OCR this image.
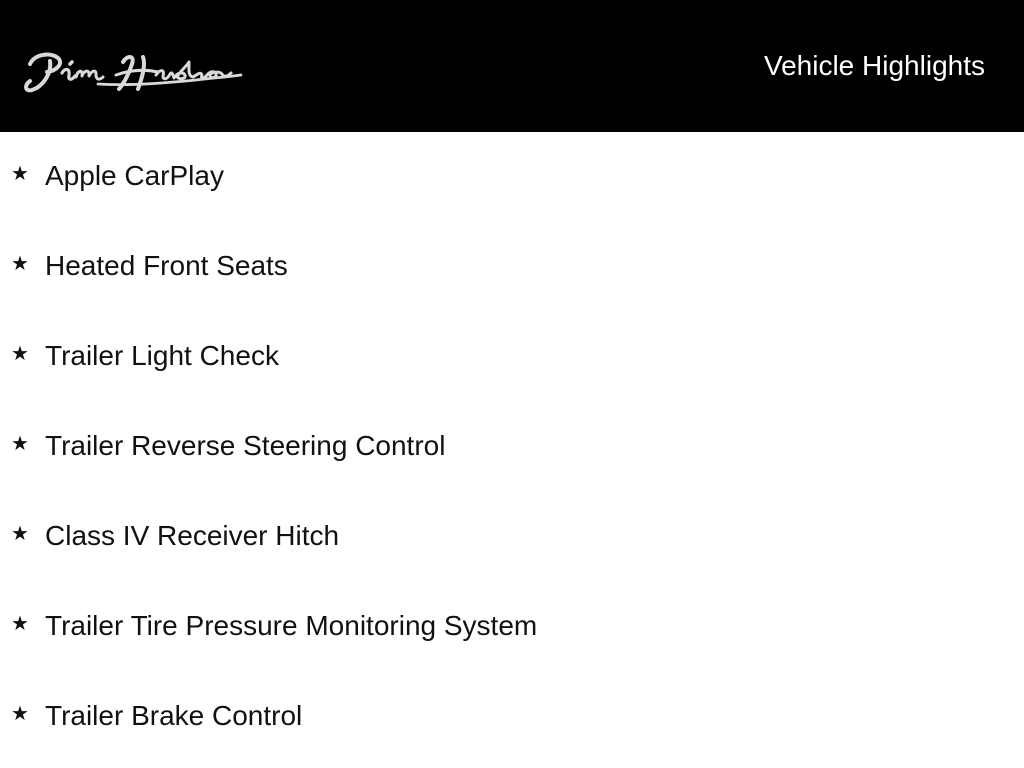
Jim Hudson
Vehicle Highlights
★ Apple CarPlay
★ Heated Front Seats
★ Trailer Light Check
★ Trailer Reverse Steering Control
★ Class IV Receiver Hitch
★ Trailer Tire Pressure Monitoring System
★ Trailer Brake Control
